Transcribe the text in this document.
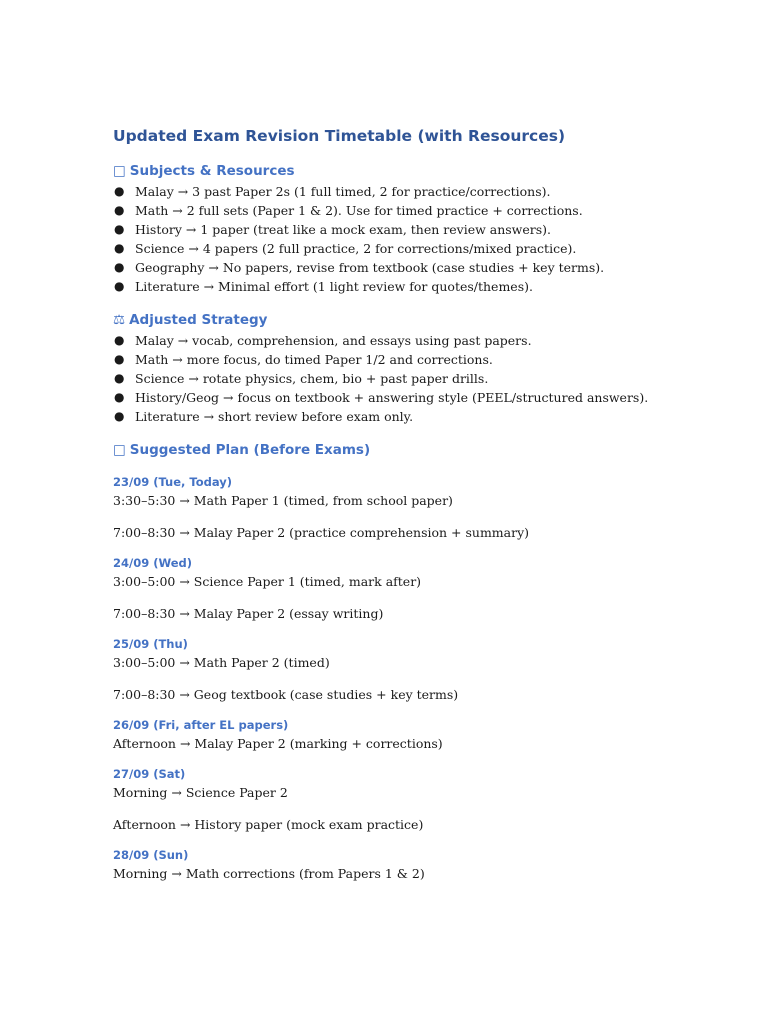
Updated Exam Revision Timetable (with Resources)
□ Subjects & Resources
● Malay → 3 past Paper 2s (1 full timed, 2 for practice/corrections).
● Math → 2 full sets (Paper 1 & 2). Use for timed practice + corrections.
● History → 1 paper (treat like a mock exam, then review answers).
● Science → 4 papers (2 full practice, 2 for corrections/mixed practice).
● Geography → No papers, revise from textbook (case studies + key terms).
● Literature → Minimal effort (1 light review for quotes/themes).
⚖ Adjusted Strategy
● Malay → vocab, comprehension, and essays using past papers.
● Math → more focus, do timed Paper 1/2 and corrections.
● Science → rotate physics, chem, bio + past paper drills.
● History/Geog → focus on textbook + answering style (PEEL/structured answers).
● Literature → short review before exam only.
□ Suggested Plan (Before Exams)
23/09 (Tue, Today)

3:30–5:30 → Math Paper 1 (timed, from school paper)

7:00–8:30 → Malay Paper 2 (practice comprehension + summary)

24/09 (Wed)

3:00–5:00 → Science Paper 1 (timed, mark after)

7:00–8:30 → Malay Paper 2 (essay writing)

25/09 (Thu)

3:00–5:00 → Math Paper 2 (timed)

7:00–8:30 → Geog textbook (case studies + key terms)

26/09 (Fri, after EL papers)

Afternoon → Malay Paper 2 (marking + corrections)

27/09 (Sat)

Morning → Science Paper 2

Afternoon → History paper (mock exam practice)

28/09 (Sun)

Morning → Math corrections (from Papers 1 & 2)
